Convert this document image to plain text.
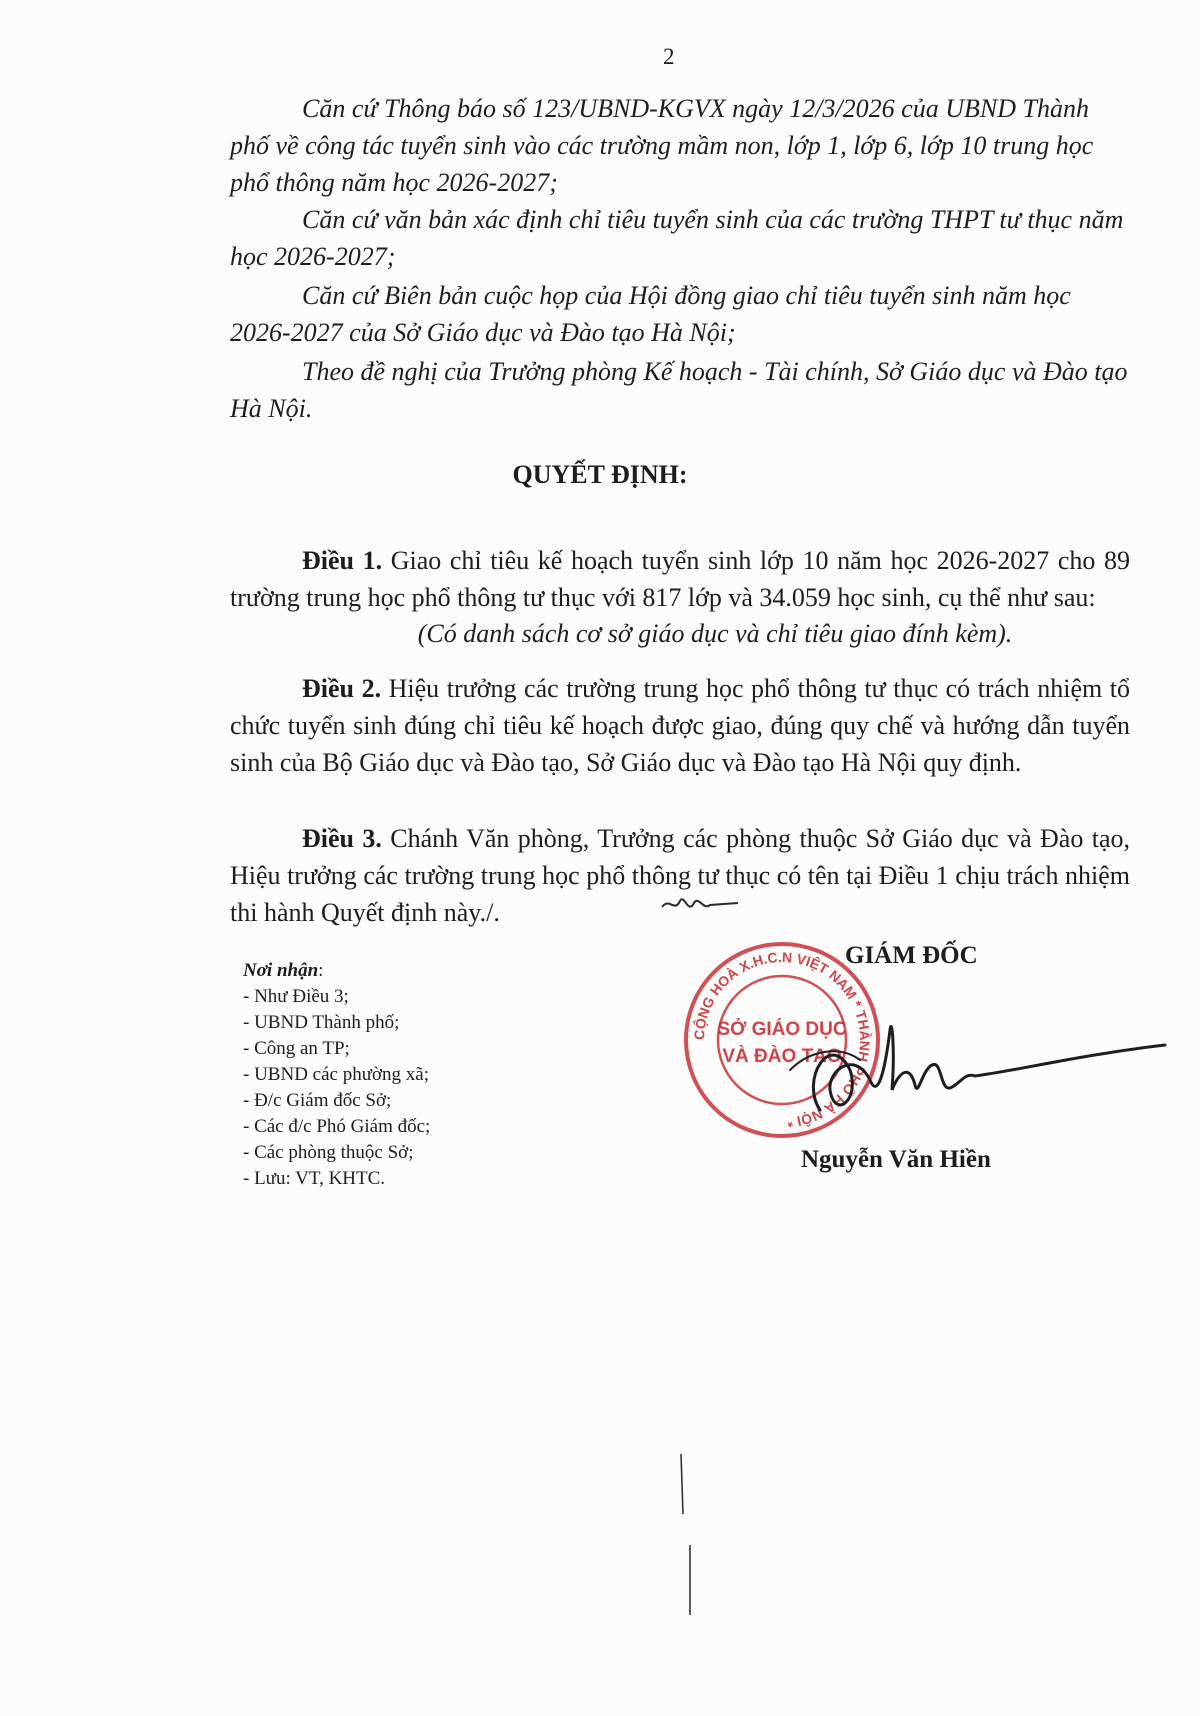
2

Căn cứ Thông báo số 123/UBND-KGVX ngày 12/3/2026 của UBND Thành phố về công tác tuyển sinh vào các trường mầm non, lớp 1, lớp 6, lớp 10 trung học phổ thông năm học 2026-2027;

Căn cứ văn bản xác định chỉ tiêu tuyển sinh của các trường THPT tư thục năm học 2026-2027;

Căn cứ Biên bản cuộc họp của Hội đồng giao chỉ tiêu tuyển sinh năm học 2026-2027 của Sở Giáo dục và Đào tạo Hà Nội;

Theo đề nghị của Trưởng phòng Kế hoạch - Tài chính, Sở Giáo dục và Đào tạo Hà Nội.

QUYẾT ĐỊNH:

Điều 1. Giao chỉ tiêu kế hoạch tuyển sinh lớp 10 năm học 2026-2027 cho 89 trường trung học phổ thông tư thục với 817 lớp và 34.059 học sinh, cụ thể như sau:

(Có danh sách cơ sở giáo dục và chỉ tiêu giao đính kèm).

Điều 2. Hiệu trưởng các trường trung học phổ thông tư thục có trách nhiệm tổ chức tuyển sinh đúng chỉ tiêu kế hoạch được giao, đúng quy chế và hướng dẫn tuyển sinh của Bộ Giáo dục và Đào tạo, Sở Giáo dục và Đào tạo Hà Nội quy định.

Điều 3. Chánh Văn phòng, Trưởng các phòng thuộc Sở Giáo dục và Đào tạo, Hiệu trưởng các trường trung học phổ thông tư thục có tên tại Điều 1 chịu trách nhiệm thi hành Quyết định này./.

Nơi nhận:
- Như Điều 3;
- UBND Thành phố;
- Công an TP;
- UBND các phường xã;
- Đ/c Giám đốc Sở;
- Các đ/c Phó Giám đốc;
- Các phòng thuộc Sở;
- Lưu: VT, KHTC.
GIÁM ĐỐC
CỘNG HOÀ X.H.C.N VIỆT NAM * THÀNH PHỐ HÀ NỘI *
SỞ GIÁO DỤC
VÀ ĐÀO TẠO
Nguyễn Văn Hiền
